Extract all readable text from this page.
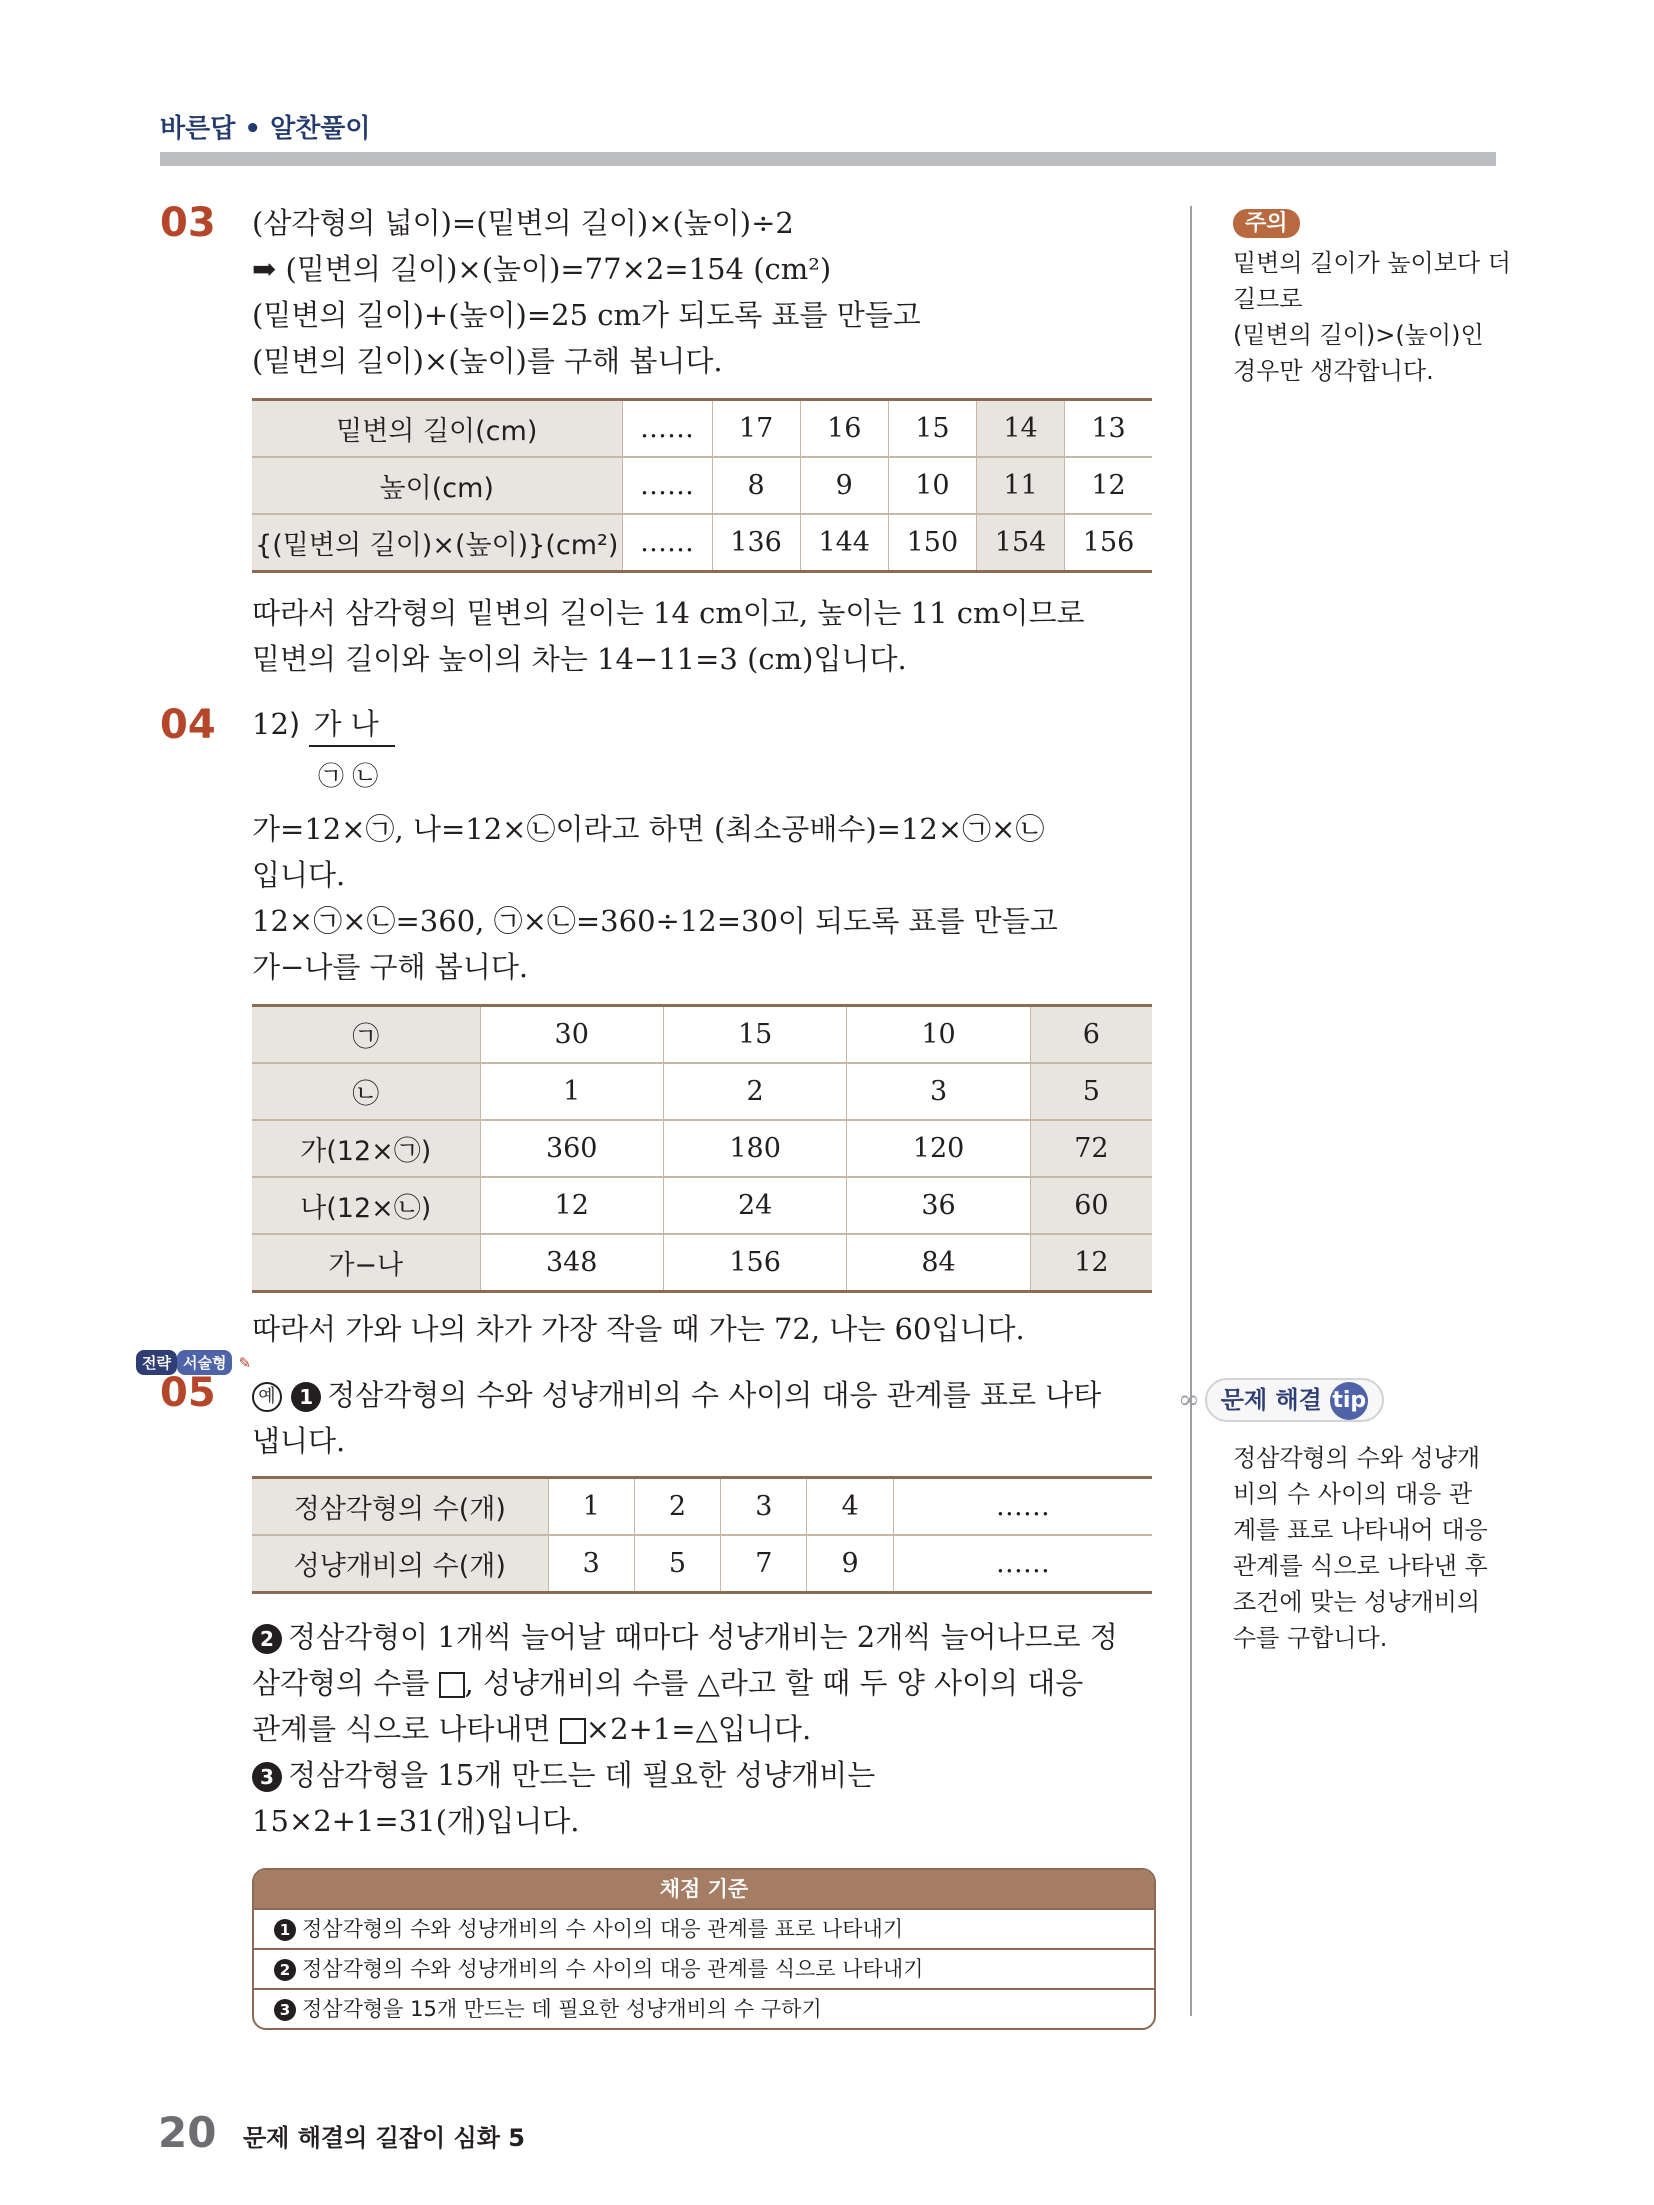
바른답 • 알찬풀이
03 (삼각형의 넓이)=(밑변의 길이)×(높이)÷2
➡ (밑변의 길이)×(높이)=77×2=154 (cm²)
(밑변의 길이)+(높이)=25 cm가 되도록 표를 만들고
(밑변의 길이)×(높이)를 구해 봅니다.
밑변의 길이(cm)	……	17	16	15	14	13
높이(cm)	……	8	9	10	11	12
{(밑변의 길이)×(높이)}(cm²)	……	136	144	150	154	156
따라서 삼각형의 밑변의 길이는 14 cm이고, 높이는 11 cm이므로
밑변의 길이와 높이의 차는 14−11=3 (cm)입니다.
04 12) 가 나
㉠ ㉡
가=12×㉠, 나=12×㉡이라고 하면 (최소공배수)=12×㉠×㉡
입니다.
12×㉠×㉡=360, ㉠×㉡=360÷12=30이 되도록 표를 만들고
가−나를 구해 봅니다.
㉠	30	15	10	6
㉡	1	2	3	5
가(12×㉠)	360	180	120	72
나(12×㉡)	12	24	36	60
가−나	348	156	84	12
따라서 가와 나의 차가 가장 작을 때 가는 72, 나는 60입니다.
전략 서술형 ✎
05	예 1 정삼각형의 수와 성냥개비의 수 사이의 대응 관계를 표로 나타
냅니다.
정삼각형의 수(개)	1	2	3	4	……
성냥개비의 수(개)	3	5	7	9	……
2 정삼각형이 1개씩 늘어날 때마다 성냥개비는 2개씩 늘어나므로 정
삼각형의 수를 , 성냥개비의 수를 △라고 할 때 두 양 사이의 대응
관계를 식으로 나타내면 ×2+1=△입니다.
3 정삼각형을 15개 만드는 데 필요한 성냥개비는
15×2+1=31(개)입니다.
채점 기준
1 정삼각형의 수와 성냥개비의 수 사이의 대응 관계를 표로 나타내기
2 정삼각형의 수와 성냥개비의 수 사이의 대응 관계를 식으로 나타내기
3 정삼각형을 15개 만드는 데 필요한 성냥개비의 수 구하기
주의
밑변의 길이가 높이보다 더
길므로
(밑변의 길이)>(높이)인
경우만 생각합니다.
∞ 문제 해결 tip
정삼각형의 수와 성냥개
비의 수 사이의 대응 관
계를 표로 나타내어 대응
관계를 식으로 나타낸 후
조건에 맞는 성냥개비의
수를 구합니다.
20 문제 해결의 길잡이 심화 5
